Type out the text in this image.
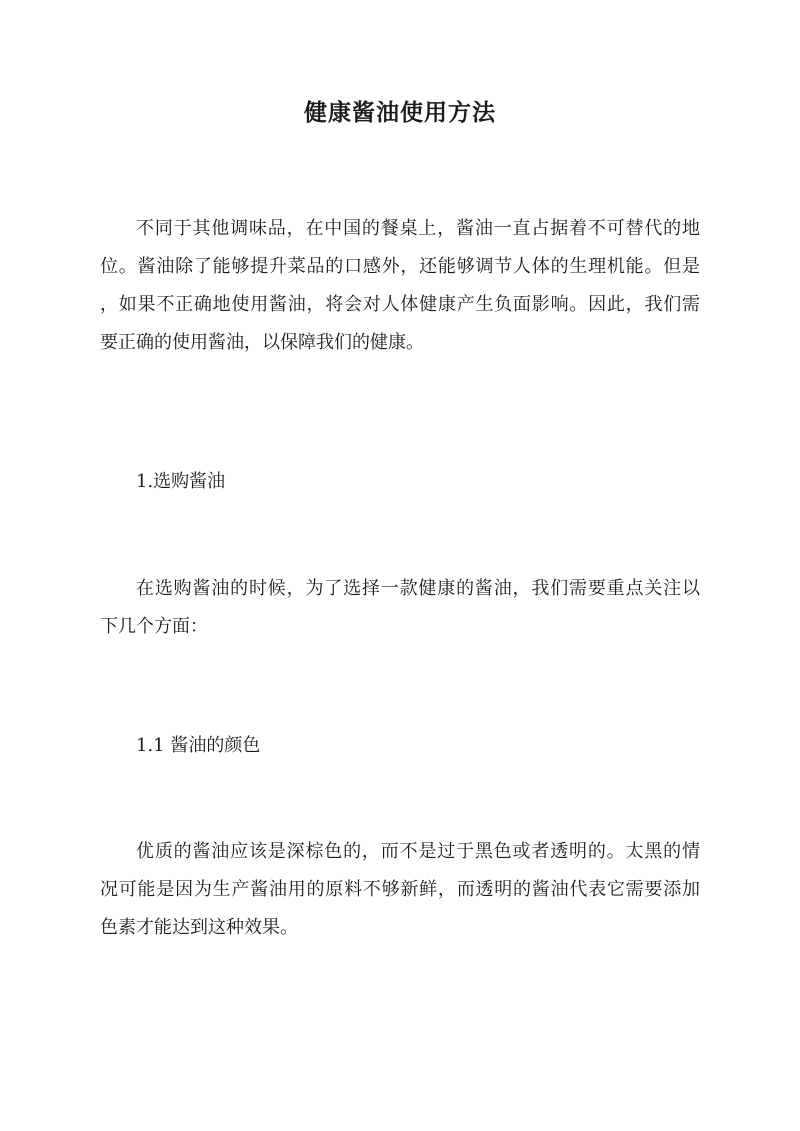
健康酱油使用方法
不同于其他调味品，在中国的餐桌上，酱油一直占据着不可替代的地
位。酱油除了能够提升菜品的口感外，还能够调节人体的生理机能。但是
，如果不正确地使用酱油，将会对人体健康产生负面影响。因此，我们需
要正确的使用酱油，以保障我们的健康。
1.选购酱油
在选购酱油的时候，为了选择一款健康的酱油，我们需要重点关注以
下几个方面：
1.1 酱油的颜色
优质的酱油应该是深棕色的，而不是过于黑色或者透明的。太黑的情
况可能是因为生产酱油用的原料不够新鲜，而透明的酱油代表它需要添加
色素才能达到这种效果。
